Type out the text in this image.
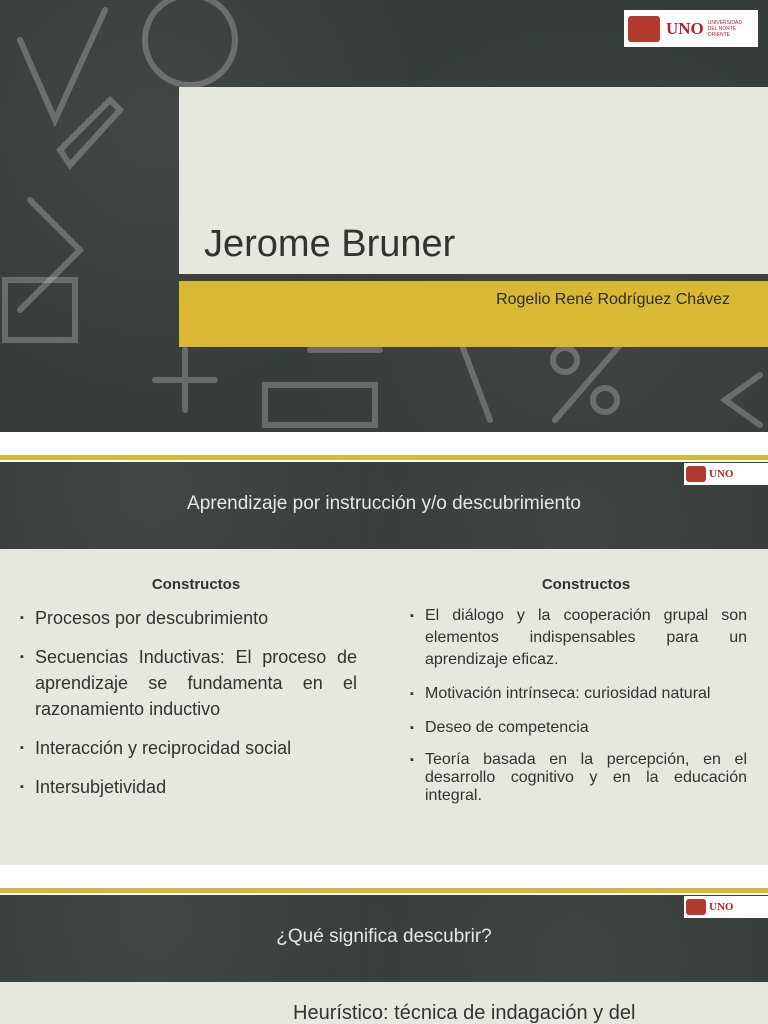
UNO UNIVERSIDAD
DEL NORTE
ORIENTE
Jerome Bruner
Rogelio René Rodríguez Chávez
UNO
Aprendizaje por instrucción y/o descubrimiento
Constructos
▪ Procesos por descubrimiento
▪ Secuencias Inductivas: El proceso de aprendizaje se fundamenta en el razonamiento inductivo
▪ Interacción y reciprocidad social
▪ Intersubjetividad
Constructos
▪ El diálogo y la cooperación grupal son elementos indispensables para un aprendizaje eficaz.
▪ Motivación intrínseca: curiosidad natural
▪ Deseo de competencia
▪ Teoría basada en la percepción, en el desarrollo cognitivo y en la educación integral.
UNO
¿Qué significa descubrir?
Heurístico: técnica de indagación y del
